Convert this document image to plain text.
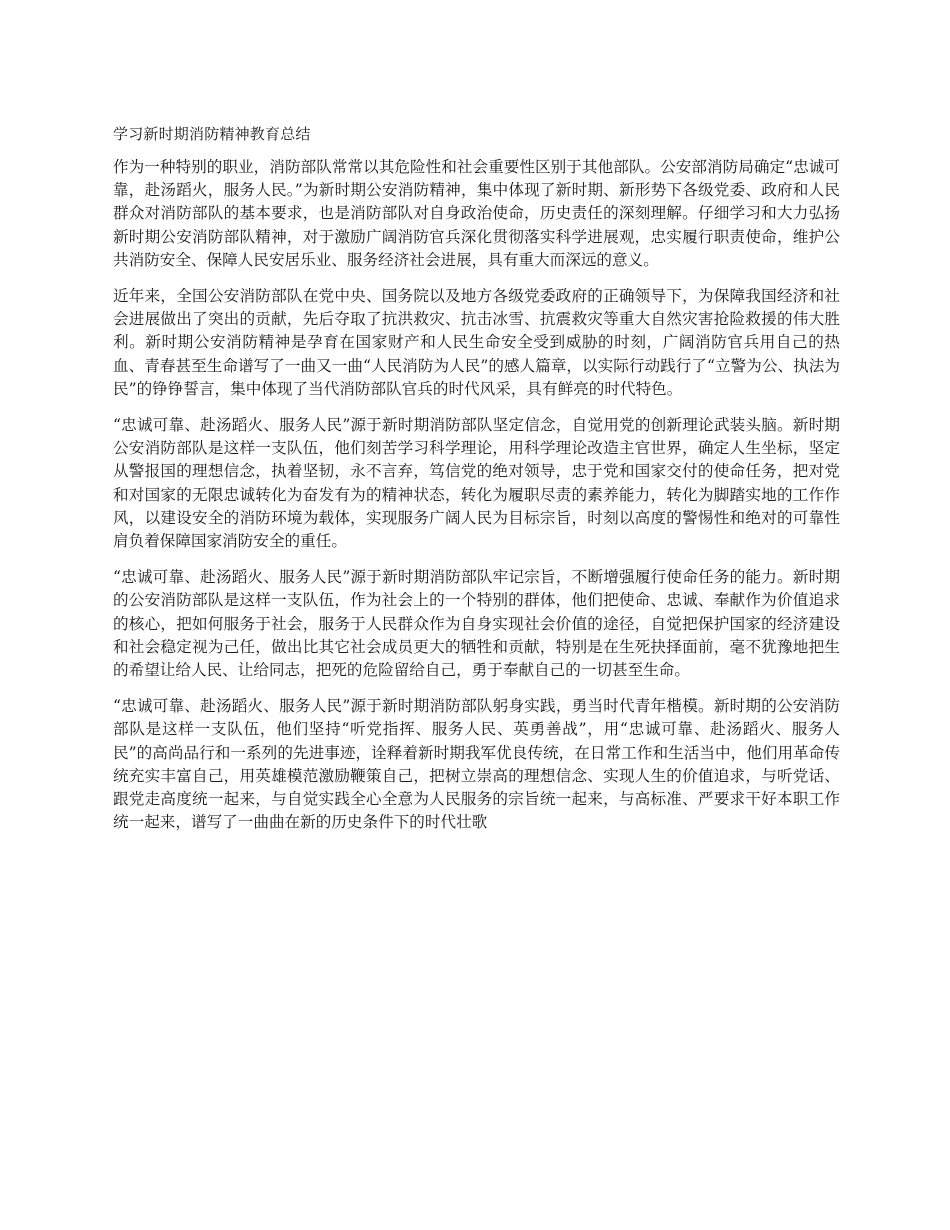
学习新时期消防精神教育总结

作为一种特别的职业，消防部队常常以其危险性和社会重要性区别于其他部队。公安部消防局确定“忠诚可靠，赴汤蹈火，服务人民。”为新时期公安消防精神，集中体现了新时期、新形势下各级党委、政府和人民群众对消防部队的基本要求，也是消防部队对自身政治使命，历史责任的深刻理解。仔细学习和大力弘扬新时期公安消防部队精神，对于激励广阔消防官兵深化贯彻落实科学进展观，忠实履行职责使命，维护公共消防安全、保障人民安居乐业、服务经济社会进展，具有重大而深远的意义。

近年来，全国公安消防部队在党中央、国务院以及地方各级党委政府的正确领导下，为保障我国经济和社会进展做出了突出的贡献，先后夺取了抗洪救灾、抗击冰雪、抗震救灾等重大自然灾害抢险救援的伟大胜利。新时期公安消防精神是孕育在国家财产和人民生命安全受到威胁的时刻，广阔消防官兵用自己的热血、青春甚至生命谱写了一曲又一曲“人民消防为人民”的感人篇章，以实际行动践行了“立警为公、执法为民”的铮铮誓言，集中体现了当代消防部队官兵的时代风采，具有鲜亮的时代特色。

“忠诚可靠、赴汤蹈火、服务人民”源于新时期消防部队坚定信念，自觉用党的创新理论武装头脑。新时期公安消防部队是这样一支队伍，他们刻苦学习科学理论，用科学理论改造主官世界，确定人生坐标，坚定从警报国的理想信念，执着坚韧，永不言弃，笃信党的绝对领导，忠于党和国家交付的使命任务，把对党和对国家的无限忠诚转化为奋发有为的精神状态，转化为履职尽责的素养能力，转化为脚踏实地的工作作风，以建设安全的消防环境为载体，实现服务广阔人民为目标宗旨，时刻以高度的警惕性和绝对的可靠性肩负着保障国家消防安全的重任。

“忠诚可靠、赴汤蹈火、服务人民”源于新时期消防部队牢记宗旨，不断增强履行使命任务的能力。新时期的公安消防部队是这样一支队伍，作为社会上的一个特别的群体，他们把使命、忠诚、奉献作为价值追求的核心，把如何服务于社会，服务于人民群众作为自身实现社会价值的途径，自觉把保护国家的经济建设和社会稳定视为己任，做出比其它社会成员更大的牺牲和贡献，特别是在生死抉择面前，毫不犹豫地把生的希望让给人民、让给同志，把死的危险留给自己，勇于奉献自己的一切甚至生命。

“忠诚可靠、赴汤蹈火、服务人民”源于新时期消防部队躬身实践，勇当时代青年楷模。新时期的公安消防部队是这样一支队伍，他们坚持“听党指挥、服务人民、英勇善战”，用“忠诚可靠、赴汤蹈火、服务人民”的高尚品行和一系列的先进事迹，诠释着新时期我军优良传统，在日常工作和生活当中，他们用革命传统充实丰富自己，用英雄模范激励鞭策自己，把树立崇高的理想信念、实现人生的价值追求，与听党话、跟党走高度统一起来，与自觉实践全心全意为人民服务的宗旨统一起来，与高标准、严要求干好本职工作统一起来，谱写了一曲曲在新的历史条件下的时代壮歌
